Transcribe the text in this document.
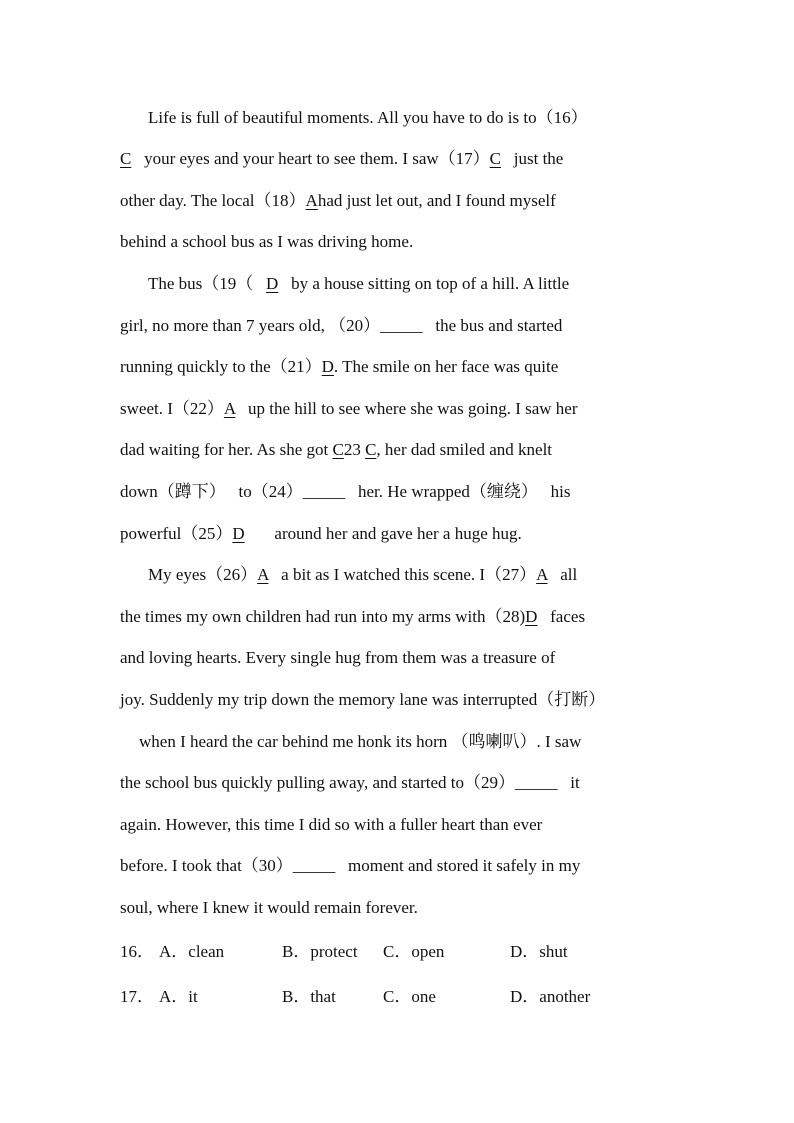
Life is full of beautiful moments. All you have to do is to（16）
C   your eyes and your heart to see them. I saw（17）C   just the
other day. The local（18）Ahad just let out, and I found myself
behind a school bus as I was driving home.
The bus（19（   D   by a house sitting on top of a hill. A little
girl, no more than 7 years old, （20）_____   the bus and started
running quickly to the（21）D. The smile on her face was quite
sweet. I（22）A   up the hill to see where she was going. I saw her
dad waiting for her. As she got C23 C, her dad smiled and knelt
down（蹲下）   to（24）_____   her. He wrapped（缠绕）   his
powerful（25）D       around her and gave her a huge hug.
My eyes（26）A   a bit as I watched this scene. I（27）A   all
the times my own children had run into my arms with（28)D   faces
and loving hearts. Every single hug from them was a treasure of
joy. Suddenly my trip down the memory lane was interrupted（打断）
when I heard the car behind me honk its horn （鸣喇叭）. I saw
the school bus quickly pulling away, and started to（29）_____   it
again. However, this time I did so with a fuller heart than ever
before. I took that（30）_____   moment and stored it safely in my
soul, where I knew it would remain forever.
16． A．clean	B．protect C．open	D．shut
17． A．it	B．that	C．one	D．another
